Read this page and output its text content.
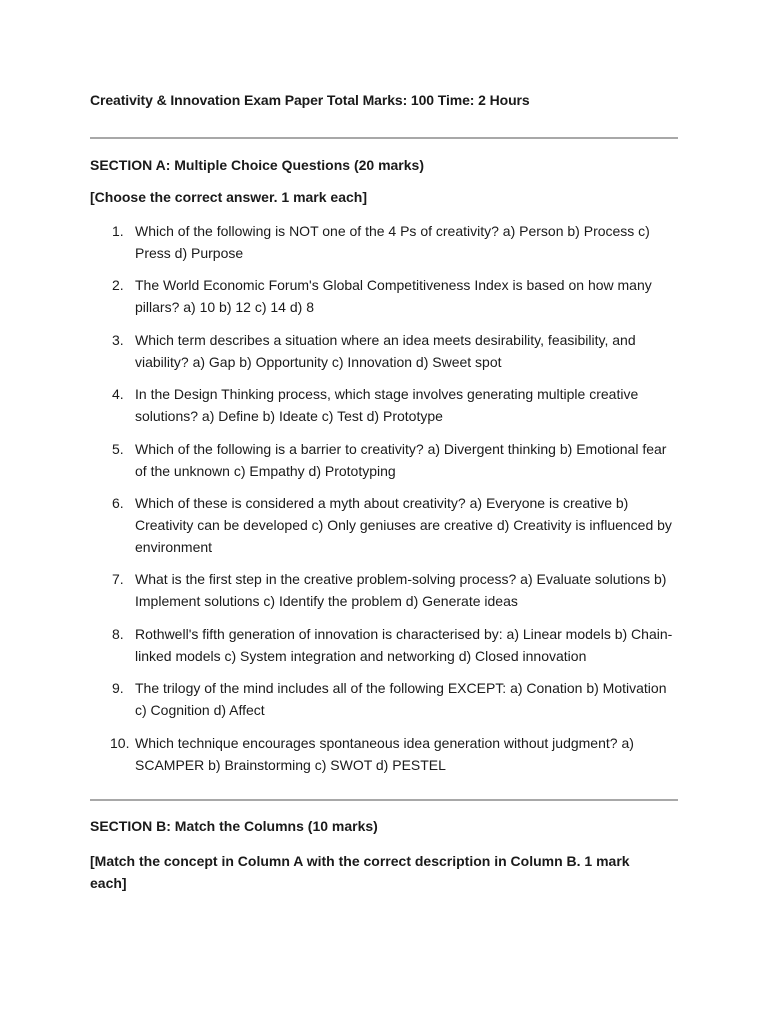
Creativity & Innovation Exam Paper Total Marks: 100 Time: 2 Hours
SECTION A: Multiple Choice Questions (20 marks)
[Choose the correct answer. 1 mark each]
1. Which of the following is NOT one of the 4 Ps of creativity? a) Person b) Process c) Press d) Purpose
2. The World Economic Forum's Global Competitiveness Index is based on how many pillars? a) 10 b) 12 c) 14 d) 8
3. Which term describes a situation where an idea meets desirability, feasibility, and viability? a) Gap b) Opportunity c) Innovation d) Sweet spot
4. In the Design Thinking process, which stage involves generating multiple creative solutions? a) Define b) Ideate c) Test d) Prototype
5. Which of the following is a barrier to creativity? a) Divergent thinking b) Emotional fear of the unknown c) Empathy d) Prototyping
6. Which of these is considered a myth about creativity? a) Everyone is creative b) Creativity can be developed c) Only geniuses are creative d) Creativity is influenced by environment
7. What is the first step in the creative problem-solving process? a) Evaluate solutions b) Implement solutions c) Identify the problem d) Generate ideas
8. Rothwell's fifth generation of innovation is characterised by: a) Linear models b) Chain-linked models c) System integration and networking d) Closed innovation
9. The trilogy of the mind includes all of the following EXCEPT: a) Conation b) Motivation c) Cognition d) Affect
10. Which technique encourages spontaneous idea generation without judgment? a) SCAMPER b) Brainstorming c) SWOT d) PESTEL
SECTION B: Match the Columns (10 marks)
[Match the concept in Column A with the correct description in Column B. 1 mark each]
